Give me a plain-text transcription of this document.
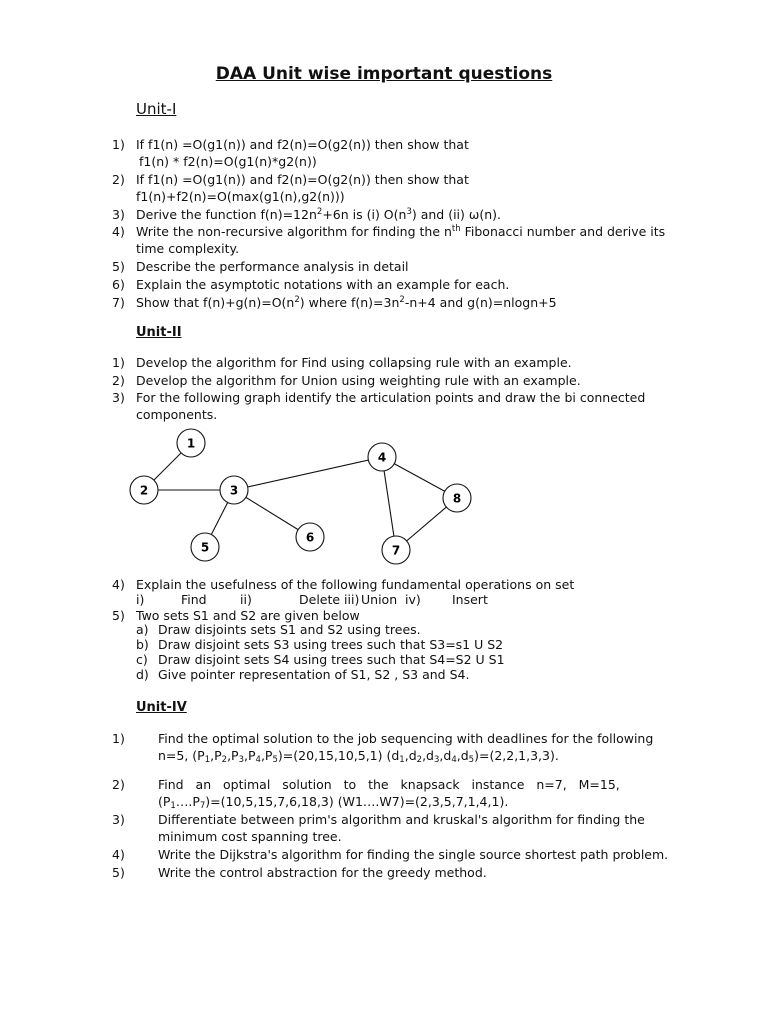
DAA Unit wise important questions
Unit-I
1) If f1(n) =O(g1(n)) and f2(n)=O(g2(n)) then show that
f1(n) * f2(n)=O(g1(n)*g2(n))
2) If f1(n) =O(g1(n)) and f2(n)=O(g2(n)) then show that
f1(n)+f2(n)=O(max(g1(n),g2(n)))
3) Derive the function $f(n)=12n^2+6n$ is (i) $O(n^3)$ and (ii) ω(n).
4) Write the non-recursive algorithm for finding the $n^{th}$ Fibonacci number and derive its
time complexity.
5) Describe the performance analysis in detail
6) Explain the asymptotic notations with an example for each.
7) Show that $f(n)+g(n)=O(n^2)$ where $f(n)=3n^2-n+4$ and g(n)=nlogn+5
Unit-II
1) Develop the algorithm for Find using collapsing rule with an example.
2) Develop the algorithm for Union using weighting rule with an example.
3) For the following graph identify the articulation points and draw the bi connected
components.
1
2	3
4
5
6
7
8
4) Explain the usefulness of the following fundamental operations on set
i)	Find	ii)	Delete iii) Union  iv) Insert
5) Two sets S1 and S2 are given below
a) Draw disjoints sets S1 and S2 using trees.
b) Draw disjoint sets S3 using trees such that S3=s1 U S2
c) Draw disjoint sets S4 using trees such that S4=S2 U S1
d) Give pointer representation of S1, S2 , S3 and S4.
Unit-IV
1)	Find the optimal solution to the job sequencing with deadlines for the following
n=5, $(P_1,P_2,P_3,P_4,P_5)=(20,15,10,5,1)$ $(d_1,d_2,d_3,d_4,d_5)=(2,2,1,3,3)$.
2)	Find   an   optimal   solution   to   the   knapsack   instance   n=7,   M=15,
$(P_1\dots.P_7)=(10,5,15,7,6,18,3)$ (W1….W7)=(2,3,5,7,1,4,1).
3)	Differentiate between prim's algorithm and kruskal's algorithm for finding the
minimum cost spanning tree.
4)	Write the Dijkstra's algorithm for finding the single source shortest path problem.
5)	Write the control abstraction for the greedy method.
